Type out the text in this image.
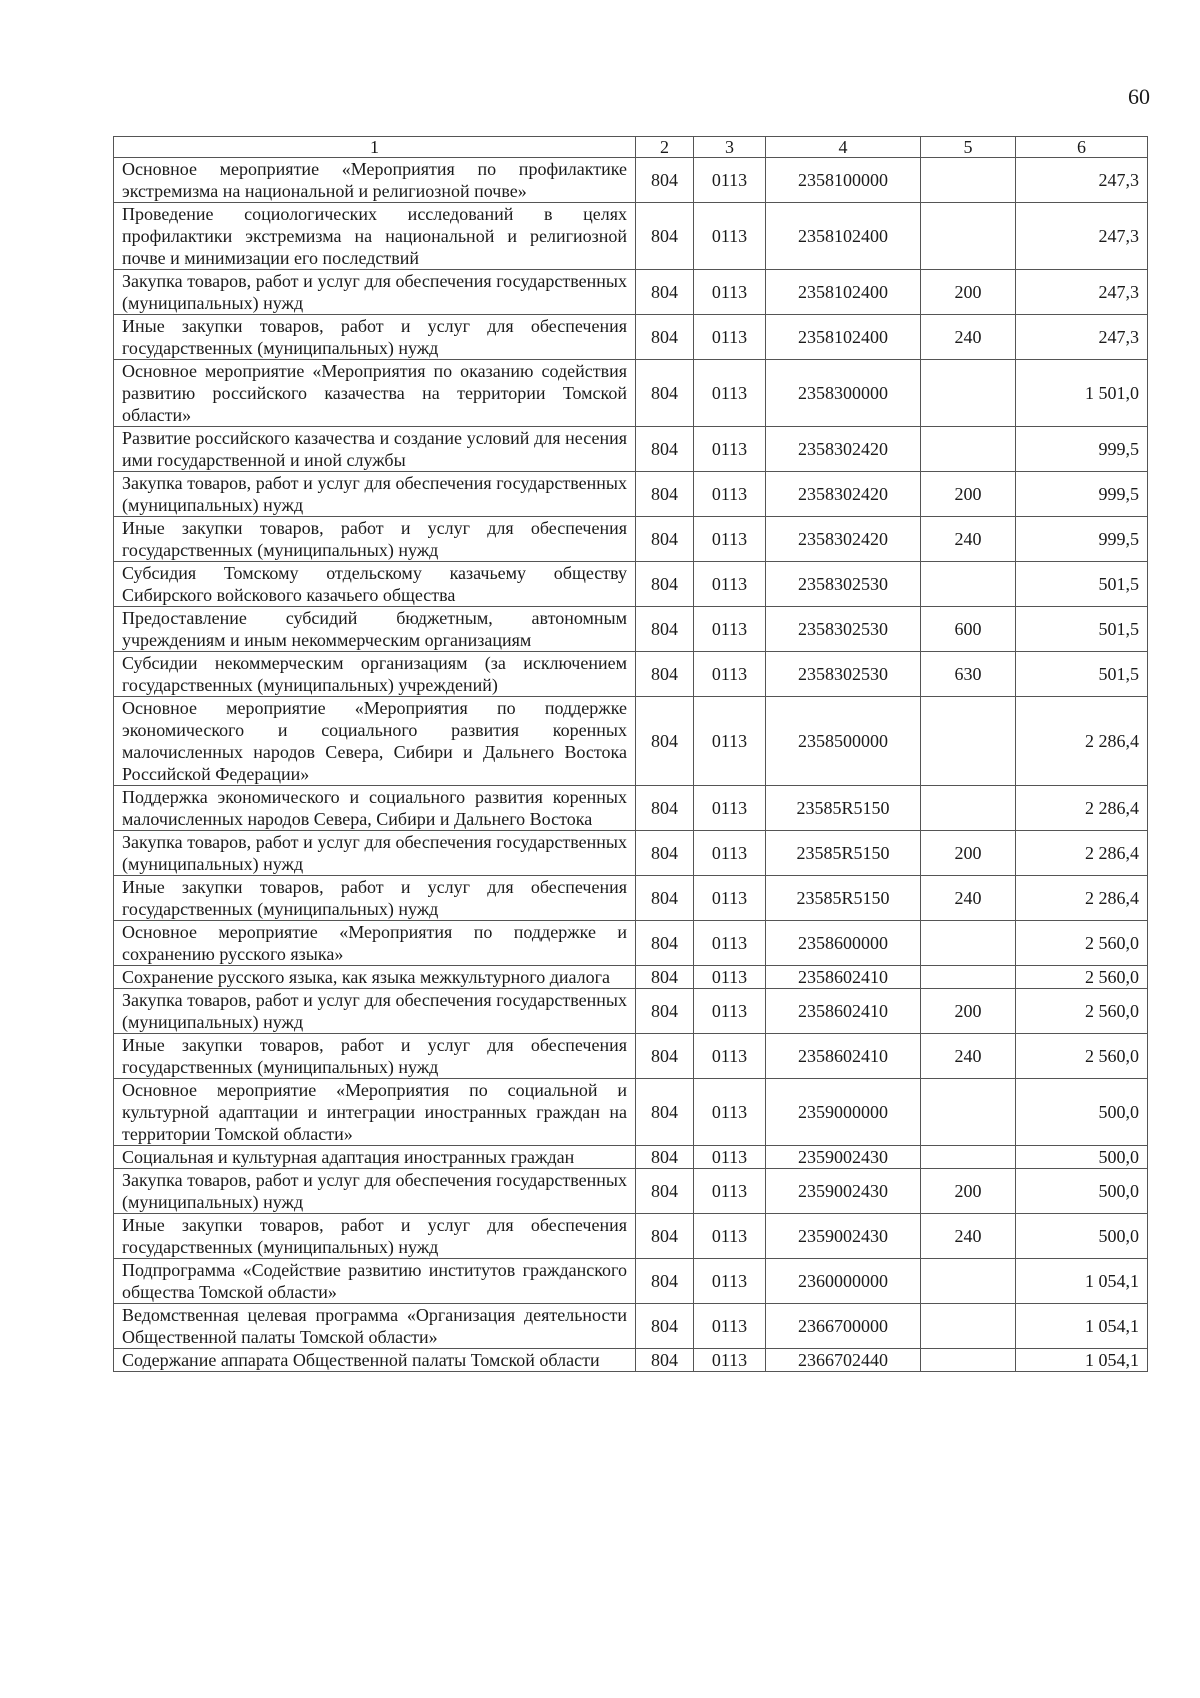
60
1	2	3	4	5	6
Основное мероприятие «Мероприятия по профилактике экстремизма на национальной и религиозной почве»	804	0113	2358100000		247,3
Проведение социологических исследований в целях профилактики экстремизма на национальной и религиозной почве и минимизации его последствий	804	0113	2358102400		247,3
Закупка товаров, работ и услуг для обеспечения государственных (муниципальных) нужд	804	0113	2358102400	200	247,3
Иные закупки товаров, работ и услуг для обеспечения государственных (муниципальных) нужд	804	0113	2358102400	240	247,3
Основное мероприятие «Мероприятия по оказанию содействия развитию российского казачества на территории Томской области»	804	0113	2358300000		1 501,0
Развитие российского казачества и создание условий для несения ими государственной и иной службы	804	0113	2358302420		999,5
Закупка товаров, работ и услуг для обеспечения государственных (муниципальных) нужд	804	0113	2358302420	200	999,5
Иные закупки товаров, работ и услуг для обеспечения государственных (муниципальных) нужд	804	0113	2358302420	240	999,5
Субсидия Томскому отдельскому казачьему обществу Сибирского войскового казачьего общества	804	0113	2358302530		501,5
Предоставление субсидий бюджетным, автономным учреждениям и иным некоммерческим организациям	804	0113	2358302530	600	501,5
Субсидии некоммерческим организациям (за исключением государственных (муниципальных) учреждений)	804	0113	2358302530	630	501,5
Основное мероприятие «Мероприятия по поддержке экономического и социального развития коренных малочисленных народов Севера, Сибири и Дальнего Востока Российской Федерации»	804	0113	2358500000		2 286,4
Поддержка экономического и социального развития коренных малочисленных народов Севера, Сибири и Дальнего Востока	804	0113	23585R5150		2 286,4
Закупка товаров, работ и услуг для обеспечения государственных (муниципальных) нужд	804	0113	23585R5150	200	2 286,4
Иные закупки товаров, работ и услуг для обеспечения государственных (муниципальных) нужд	804	0113	23585R5150	240	2 286,4
Основное мероприятие «Мероприятия по поддержке и сохранению русского языка»	804	0113	2358600000		2 560,0
Сохранение русского языка, как языка межкультурного диалога	804	0113	2358602410		2 560,0
Закупка товаров, работ и услуг для обеспечения государственных (муниципальных) нужд	804	0113	2358602410	200	2 560,0
Иные закупки товаров, работ и услуг для обеспечения государственных (муниципальных) нужд	804	0113	2358602410	240	2 560,0
Основное мероприятие «Мероприятия по социальной и культурной адаптации и интеграции иностранных граждан на территории Томской области»	804	0113	2359000000		500,0
Социальная и культурная адаптация иностранных граждан	804	0113	2359002430		500,0
Закупка товаров, работ и услуг для обеспечения государственных (муниципальных) нужд	804	0113	2359002430	200	500,0
Иные закупки товаров, работ и услуг для обеспечения государственных (муниципальных) нужд	804	0113	2359002430	240	500,0
Подпрограмма «Содействие развитию институтов гражданского общества Томской области»	804	0113	2360000000		1 054,1
Ведомственная целевая программа «Организация деятельности Общественной палаты Томской области»	804	0113	2366700000		1 054,1
Содержание аппарата Общественной палаты Томской области	804	0113	2366702440		1 054,1
